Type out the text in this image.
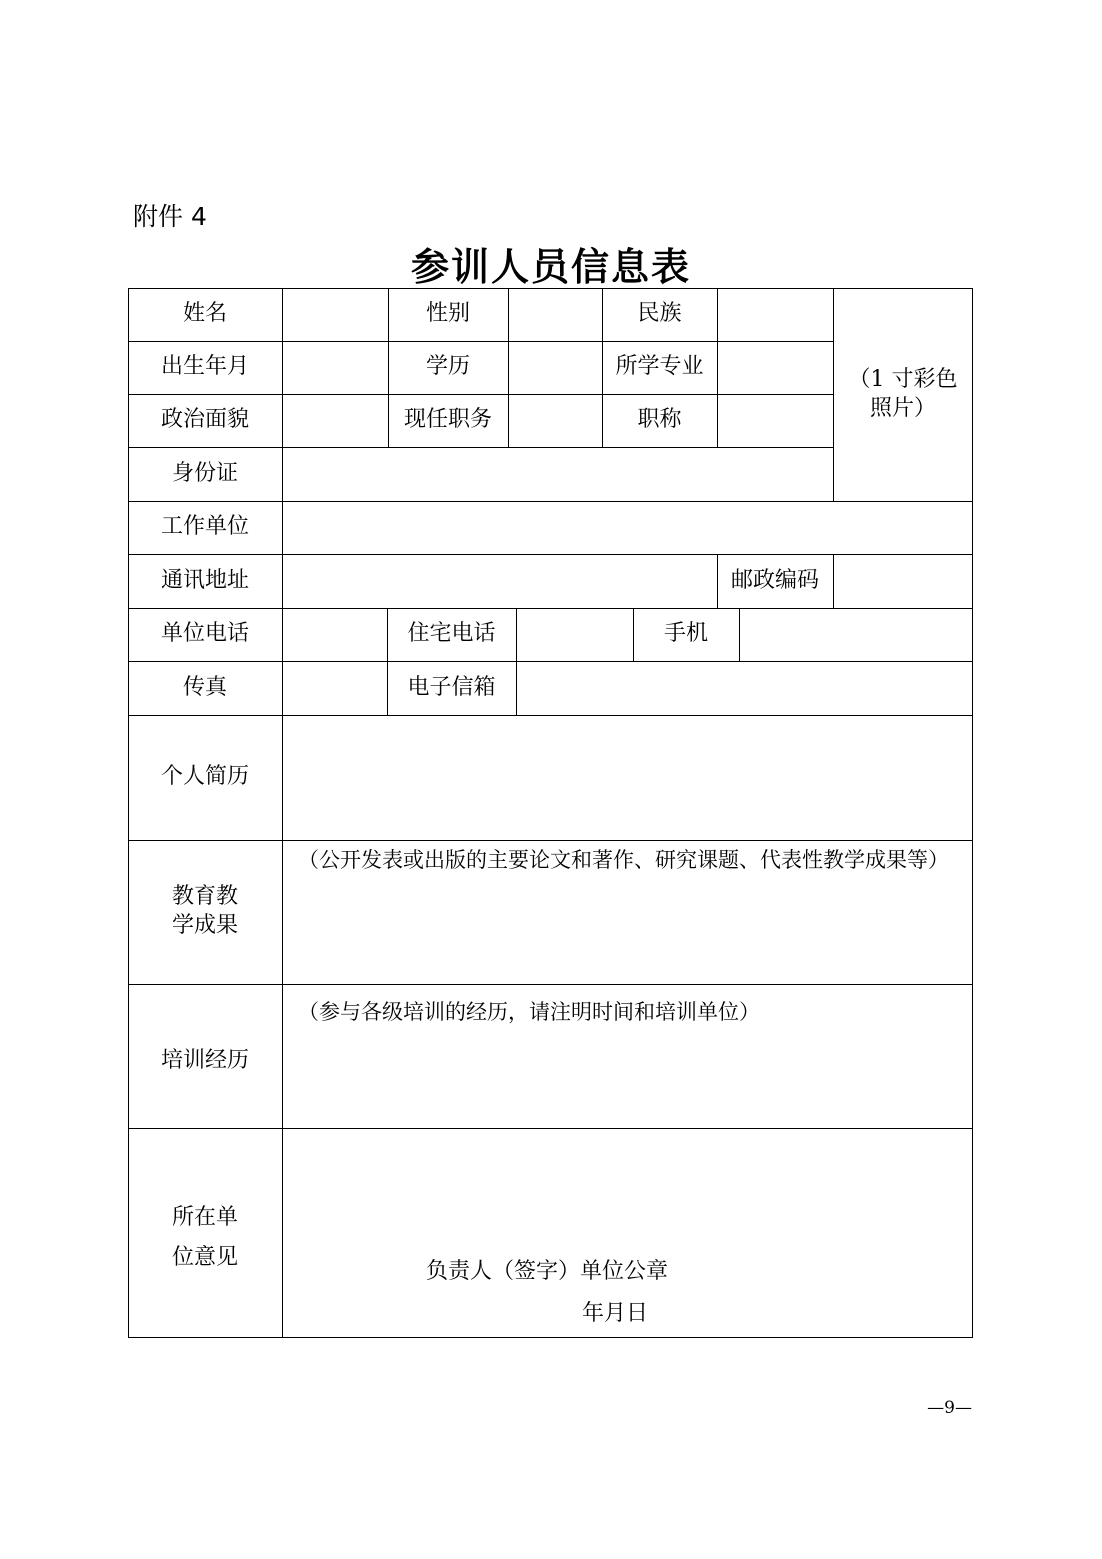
附件 4
参训人员信息表
姓名	性别	民族
（1 寸彩色
照片）
出生年月	学历	所学专业
政治面貌	现任职务	职称
身份证
工作单位
通讯地址	邮政编码
单位电话	住宅电话	手机
传真	电子信箱
个人简历
教育教
学成果
（公开发表或出版的主要论文和著作、研究课题、代表性教学成果等）
培训经历
（参与各级培训的经历，请注明时间和培训单位）
所在单
位意见
负责人（签字）单位公章
年月日
—9—
